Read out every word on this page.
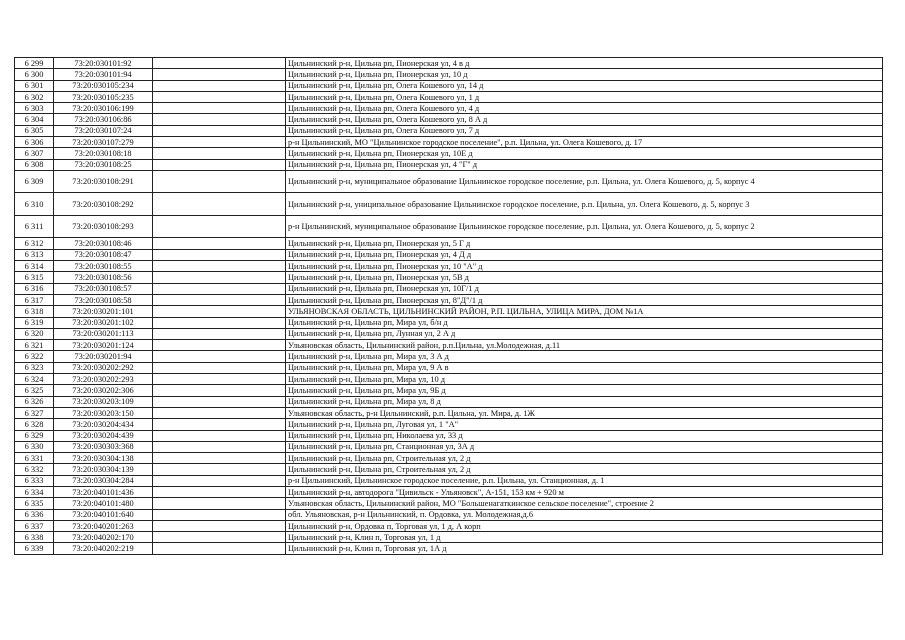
6 299	73:20:030101:92		Цильнинский р-н, Цильна рп, Пионерская ул, 4 в д
6 300	73:20:030101:94		Цильнинский р-н, Цильна рп, Пионерская ул, 10 д
6 301	73:20:030105:234		Цильнинский р-н, Цильна рп, Олега Кошевого ул, 14 д
6 302	73:20:030105:235		Цильнинский р-н, Цильна рп, Олега Кошевого ул, 1 д
6 303	73:20:030106:199		Цильнинский р-н, Цильна рп, Олега Кошевого ул, 4 д
6 304	73:20:030106:86		Цильнинский р-н, Цильна рп, Олега Кошевого ул, 8 А д
6 305	73:20:030107:24		Цильнинский р-н, Цильна рп, Олега Кошевого ул, 7 д
6 306	73:20:030107:279		р-н Цильнинский, МО "Цильнинское городское поселение", р.п. Цильна, ул. Олега Кошевого, д. 17
6 307	73:20:030108:18		Цильнинский р-н, Цильна рп, Пионерская ул, 10Е д
6 308	73:20:030108:25		Цильнинский р-н, Цильна рп, Пионерская ул, 4 "Г" д
6 309	73:20:030108:291		Цильнинский р-н, муниципальное образование Цильнинское городское поселение, р.п. Цильна, ул. Олега Кошевого, д. 5, корпус 4
6 310	73:20:030108:292		Цильнинский р-н, униципальное образование Цильнинское городское поселение, р.п. Цильна, ул. Олега Кошевого, д. 5, корпус 3
6 311	73:20:030108:293		р-н Цильнинский, муниципальное образование Цильнинское городское поселение, р.п. Цильна, ул. Олега Кошевого, д. 5, корпус 2
6 312	73:20:030108:46		Цильнинский р-н, Цильна рп, Пионерская ул, 5 Г д
6 313	73:20:030108:47		Цильнинский р-н, Цильна рп, Пионерская ул, 4 Д д
6 314	73:20:030108:55		Цильнинский р-н, Цильна рп, Пионерская ул, 10 "А" д
6 315	73:20:030108:56		Цильнинский р-н, Цильна рп, Пионерская ул, 5В д
6 316	73:20:030108:57		Цильнинский р-н, Цильна рп, Пионерская ул, 10Г/1 д
6 317	73:20:030108:58		Цильнинский р-н, Цильна рп, Пионерская ул, 8"Д"/1 д
6 318	73:20:030201:101		УЛЬЯНОВСКАЯ ОБЛАСТЬ, ЦИЛЬНИНСКИЙ РАЙОН, Р.П. ЦИЛЬНА, УЛИЦА МИРА, ДОМ №1А
6 319	73:20:030201:102		Цильнинский р-н, Цильна рп, Мира ул, б/н д
6 320	73:20:030201:113		Цильнинский р-н, Цильна рп, Лунная ул, 2 А д
6 321	73:20:030201:124		Ульяновская область, Цильнинский район, р.п.Цильна, ул.Молодежная, д.11
6 322	73:20:030201:94		Цильнинский р-н, Цильна рп, Мира ул, 3 А д
6 323	73:20:030202:292		Цильнинский р-н, Цильна рп, Мира ул, 9 А в
6 324	73:20:030202:293		Цильнинский р-н, Цильна рп, Мира ул, 10 д
6 325	73:20:030202:306		Цильнинский р-н, Цильна рп, Мира ул, 9Б д
6 326	73:20:030203:109		Цильнинский р-н, Цильна рп, Мира ул, 8 д
6 327	73:20:030203:150		Ульяновская область, р-н Цильнинский, р.п. Цильна, ул. Мира, д. 1Ж
6 328	73:20:030204:434		Цильнинский р-н, Цильна рп, Луговая ул, 1 "А"
6 329	73:20:030204:439		Цильнинский р-н, Цильна рп, Николаева ул, 33 д
6 330	73:20:030303:368		Цильнинский р-н, Цильна рп, Станционная ул, 3А д
6 331	73:20:030304:138		Цильнинский р-н, Цильна рп, Строительная ул, 2 д
6 332	73:20:030304:139		Цильнинский р-н, Цильна рп, Строительная ул, 2 д
6 333	73:20:030304:284		р-н Цильнинский, Цильнинское городское поселение, р.п. Цильна, ул. Станционная, д. 1
6 334	73:20:040101:436		Цильнинский р-н, автодорога "Цивильск - Ульяновск", А-151, 153 км + 920 м
6 335	73:20:040101:480		Ульяновская область, Цильнинский район, МО "Большенагаткинское сельское поселение", строение 2
6 336	73:20:040101:640		обл. Ульяновская, р-н Цильнинский, п. Ордовка, ул. Молодежная,д.6
6 337	73:20:040201:263		Цильнинский р-н, Ордовка п, Торговая ул, 1 д, А корп
6 338	73:20:040202:170		Цильнинский р-н, Клин п, Торговая ул, 1 д
6 339	73:20:040202:219		Цильнинский р-н, Клин п, Торговая ул, 1А д
